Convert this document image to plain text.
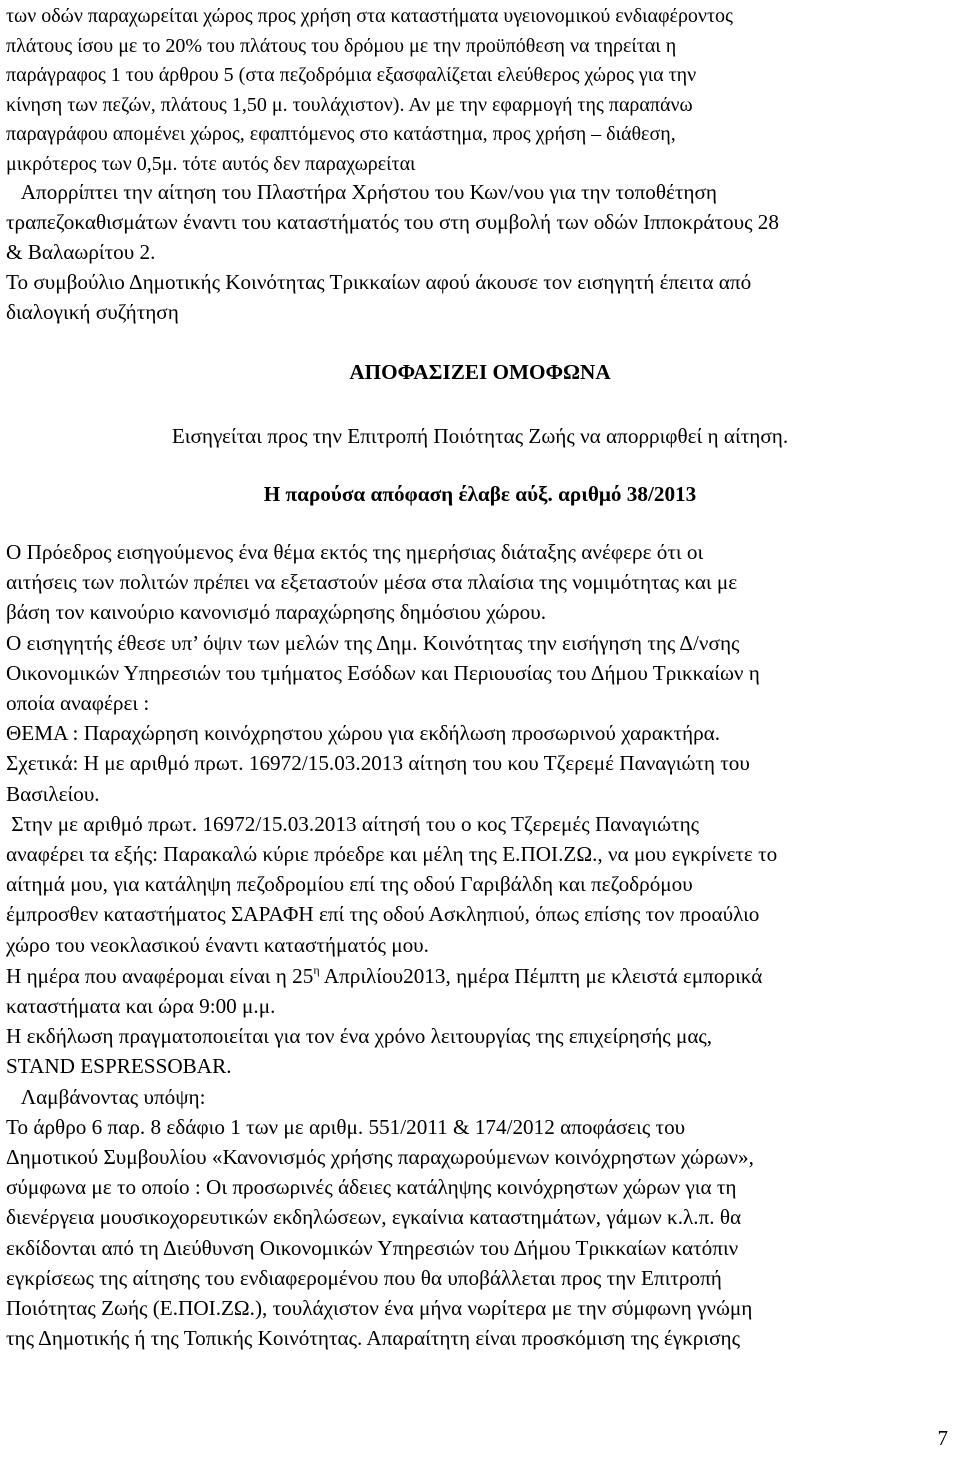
των οδών παραχωρείται χώρος προς χρήση στα καταστήματα υγειονομικού ενδιαφέροντος
πλάτους ίσου με το 20% του πλάτους του δρόμου με την προϋπόθεση να τηρείται η
παράγραφος 1 του άρθρου 5 (στα πεζοδρόμια εξασφαλίζεται ελεύθερος χώρος για την
κίνηση των πεζών, πλάτους 1,50 μ. τουλάχιστον). Αν με την εφαρμογή της παραπάνω
παραγράφου απομένει χώρος, εφαπτόμενος στο κατάστημα, προς χρήση – διάθεση,
μικρότερος των 0,5μ. τότε αυτός δεν παραχωρείται
Απορρίπτει την αίτηση του Πλαστήρα Χρήστου του Κων/νου για την τοποθέτηση
τραπεζοκαθισμάτων έναντι του καταστήματός του στη συμβολή των οδών Ιπποκράτους 28
& Βαλαωρίτου 2.
Το συμβούλιο Δημοτικής Κοινότητας Τρικκαίων αφού άκουσε τον εισηγητή έπειτα από
διαλογική συζήτηση
ΑΠΟΦΑΣΙΖΕΙ ΟΜΟΦΩΝΑ
Εισηγείται προς την Επιτροπή Ποιότητας Ζωής να απορριφθεί η αίτηση.
Η παρούσα απόφαση έλαβε αύξ. αριθμό 38/2013
Ο Πρόεδρος εισηγούμενος ένα θέμα εκτός της ημερήσιας διάταξης ανέφερε ότι οι
αιτήσεις των πολιτών πρέπει να εξεταστούν μέσα στα πλαίσια της νομιμότητας και με
βάση τον καινούριο κανονισμό παραχώρησης δημόσιου χώρου.
Ο εισηγητής έθεσε υπ’ όψιν των μελών της Δημ. Κοινότητας την εισήγηση της Δ/νσης
Οικονομικών Υπηρεσιών του τμήματος Εσόδων και Περιουσίας του Δήμου Τρικκαίων η
οποία αναφέρει :
ΘΕΜΑ : Παραχώρηση κοινόχρηστου χώρου για εκδήλωση προσωρινού χαρακτήρα.
Σχετικά: Η με αριθμό πρωτ. 16972/15.03.2013 αίτηση του κου Τζερεμέ Παναγιώτη του
Βασιλείου.
Στην με αριθμό πρωτ. 16972/15.03.2013 αίτησή του ο κος Τζερεμές Παναγιώτης
αναφέρει τα εξής: Παρακαλώ κύριε πρόεδρε και μέλη της Ε.ΠΟΙ.ΖΩ., να μου εγκρίνετε το
αίτημά μου, για κατάληψη πεζοδρομίου επί της οδού Γαριβάλδη και πεζοδρόμου
έμπροσθεν καταστήματος ΣΑΡΑΦΗ επί της οδού Ασκληπιού, όπως επίσης τον προαύλιο
χώρο του νεοκλασικού έναντι καταστήματός μου.
Η ημέρα που αναφέρομαι είναι η $25^\eta$ Απριλίου2013, ημέρα Πέμπτη με κλειστά εμπορικά
καταστήματα και ώρα 9:00 μ.μ.
Η εκδήλωση πραγματοποιείται για τον ένα χρόνο λειτουργίας της επιχείρησής μας,
STAND ESPRESSOBAR.
Λαμβάνοντας υπόψη:
Το άρθρο 6 παρ. 8 εδάφιο 1 των με αριθμ. 551/2011 & 174/2012 αποφάσεις του
Δημοτικού Συμβουλίου «Κανονισμός χρήσης παραχωρούμενων κοινόχρηστων χώρων»,
σύμφωνα με το οποίο : Οι προσωρινές άδειες κατάληψης κοινόχρηστων χώρων για τη
διενέργεια μουσικοχορευτικών εκδηλώσεων, εγκαίνια καταστημάτων, γάμων κ.λ.π. θα
εκδίδονται από τη Διεύθυνση Οικονομικών Υπηρεσιών του Δήμου Τρικκαίων κατόπιν
εγκρίσεως της αίτησης του ενδιαφερομένου που θα υποβάλλεται προς την Επιτροπή
Ποιότητας Ζωής (Ε.ΠΟΙ.ΖΩ.), τουλάχιστον ένα μήνα νωρίτερα με την σύμφωνη γνώμη
της Δημοτικής ή της Τοπικής Κοινότητας. Απαραίτητη είναι προσκόμιση της έγκρισης
7
